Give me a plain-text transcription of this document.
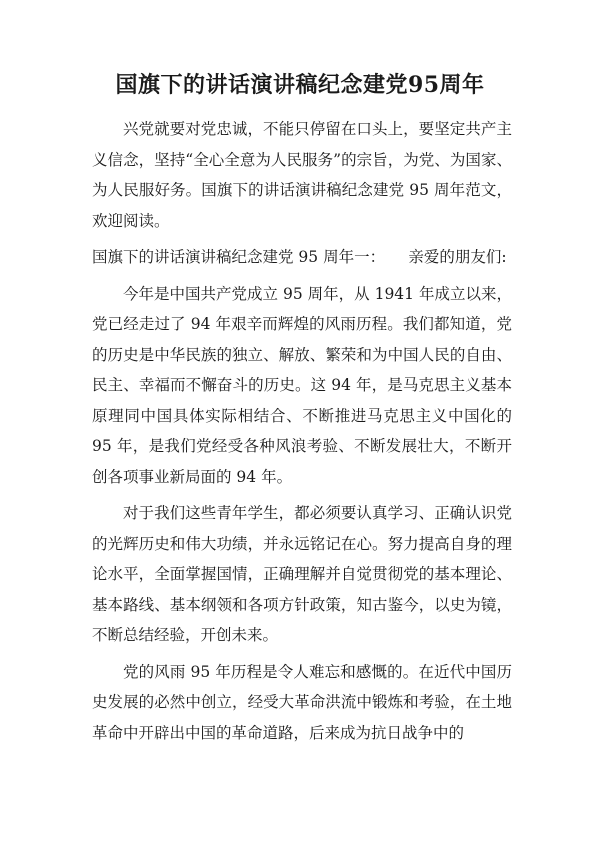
国旗下的讲话演讲稿纪念建党95周年

兴党就要对党忠诚，不能只停留在口头上，要坚定共产主义信念，坚持“全心全意为人民服务”的宗旨，为党、为国家、为人民服好务。国旗下的讲话演讲稿纪念建党 95 周年范文，欢迎阅读。

国旗下的讲话演讲稿纪念建党 95 周年一：　　亲爱的朋友们:

今年是中国共产党成立 95 周年，从 1941 年成立以来，党已经走过了 94 年艰辛而辉煌的风雨历程。我们都知道，党的历史是中华民族的独立、解放、繁荣和为中国人民的自由、民主、幸福而不懈奋斗的历史。这 94 年，是马克思主义基本原理同中国具体实际相结合、不断推进马克思主义中国化的 95 年，是我们党经受各种风浪考验、不断发展壮大，不断开创各项事业新局面的 94 年。

对于我们这些青年学生，都必须要认真学习、正确认识党的光辉历史和伟大功绩，并永远铭记在心。努力提高自身的理论水平，全面掌握国情，正确理解并自觉贯彻党的基本理论、基本路线、基本纲领和各项方针政策，知古鉴今，以史为镜，不断总结经验，开创未来。

党的风雨 95 年历程是令人难忘和感慨的。在近代中国历史发展的必然中创立，经受大革命洪流中锻炼和考验，在土地革命中开辟出中国的革命道路，后来成为抗日战争中的
